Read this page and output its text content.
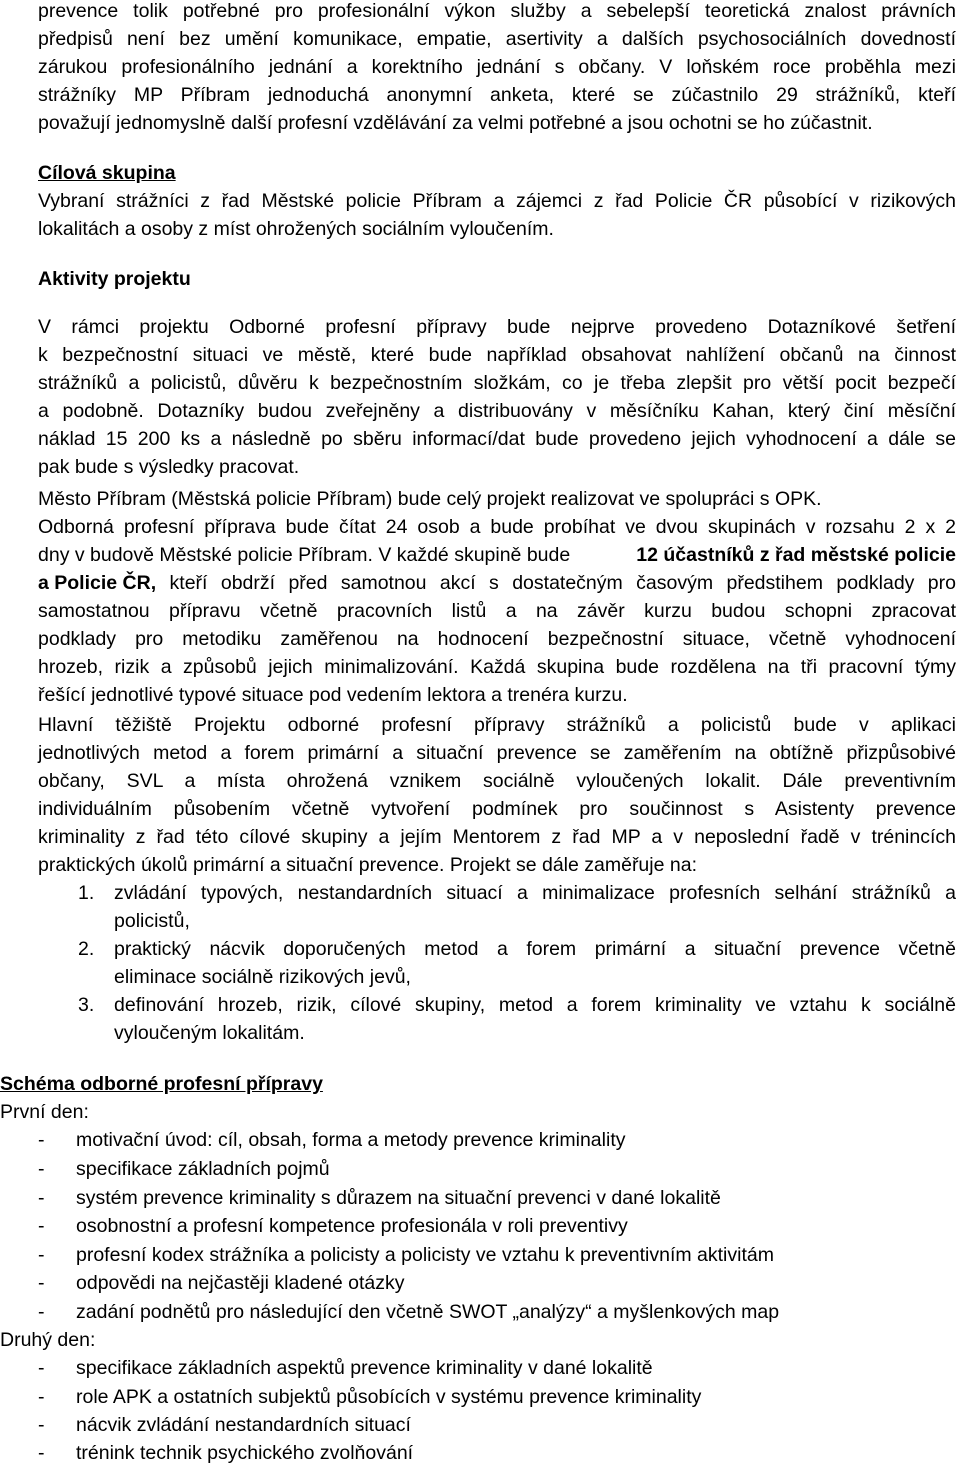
prevence tolik potřebné pro profesionální výkon služby a sebelepší teoretická znalost právních
předpisů není bez umění komunikace, empatie, asertivity a dalších psychosociálních dovedností
zárukou profesionálního jednání a korektního jednání s občany. V loňském roce proběhla mezi
strážníky MP Příbram jednoduchá anonymní anketa, které se zúčastnilo 29 strážníků, kteří
považují jednomyslně další profesní vzdělávání za velmi potřebné a jsou ochotni se ho zúčastnit.
Cílová skupina
Vybraní strážníci z řad Městské policie Příbram a zájemci z řad Policie ČR působící v rizikových
lokalitách a osoby z míst ohrožených sociálním vyloučením.
Aktivity projektu
V rámci projektu Odborné profesní přípravy bude nejprve provedeno Dotazníkové šetření
k bezpečnostní situaci ve městě, které bude například obsahovat nahlížení občanů na činnost
strážníků a policistů, důvěru k bezpečnostním složkám, co je třeba zlepšit pro větší pocit bezpečí
a podobně. Dotazníky budou zveřejněny a distribuovány v měsíčníku Kahan, který činí měsíční
náklad 15 200 ks a následně po sběru informací/dat bude provedeno jejich vyhodnocení a dále se
pak bude s výsledky pracovat.
Město Příbram (Městská policie Příbram) bude celý projekt realizovat ve spolupráci s OPK.
Odborná profesní příprava bude čítat 24 osob a bude probíhat ve dvou skupinách v rozsahu 2 x 2
dny v budově Městské policie Příbram. V každé skupině bude	12 účastníků z řad městské policie
a Policie ČR, kteří obdrží před samotnou akcí s dostatečným časovým předstihem podklady pro
samostatnou přípravu včetně pracovních listů a na závěr kurzu budou schopni zpracovat
podklady pro metodiku zaměřenou na hodnocení bezpečnostní situace, včetně vyhodnocení
hrozeb, rizik a způsobů jejich minimalizování. Každá skupina bude rozdělena na tři pracovní týmy
řešící jednotlivé typové situace pod vedením lektora a trenéra kurzu.
Hlavní těžiště Projektu odborné profesní přípravy strážníků a policistů bude v aplikaci
jednotlivých metod a forem primární a situační prevence se zaměřením na obtížně přizpůsobivé
občany, SVL a místa ohrožená vznikem sociálně vyloučených lokalit. Dále preventivním
individuálním působením včetně vytvoření podmínek pro součinnost s Asistenty prevence
kriminality z řad této cílové skupiny a jejím Mentorem z řad MP a v neposlední řadě v trénincích
praktických úkolů primární a situační prevence. Projekt se dále zaměřuje na:
1. zvládání typových, nestandardních situací a minimalizace profesních selhání strážníků a
policistů,
2. praktický nácvik doporučených metod a forem primární a situační prevence včetně
eliminace sociálně rizikových jevů,
3. definování hrozeb, rizik, cílové skupiny, metod a forem kriminality ve vztahu k sociálně
vyloučeným lokalitám.
Schéma odborné profesní přípravy
První den:
- motivační úvod: cíl, obsah, forma a metody prevence kriminality
- specifikace základních pojmů
- systém prevence kriminality s důrazem na situační prevenci v dané lokalitě
- osobnostní a profesní kompetence profesionála v roli preventivy
- profesní kodex strážníka a policisty a policisty ve vztahu k preventivním aktivitám
- odpovědi na nejčastěji kladené otázky
- zadání podnětů pro následující den včetně SWOT „analýzy“ a myšlenkových map
Druhý den:
- specifikace základních aspektů prevence kriminality v dané lokalitě
- role APK a ostatních subjektů působících v systému prevence kriminality
- nácvik zvládání nestandardních situací
- trénink technik psychického zvolňování
